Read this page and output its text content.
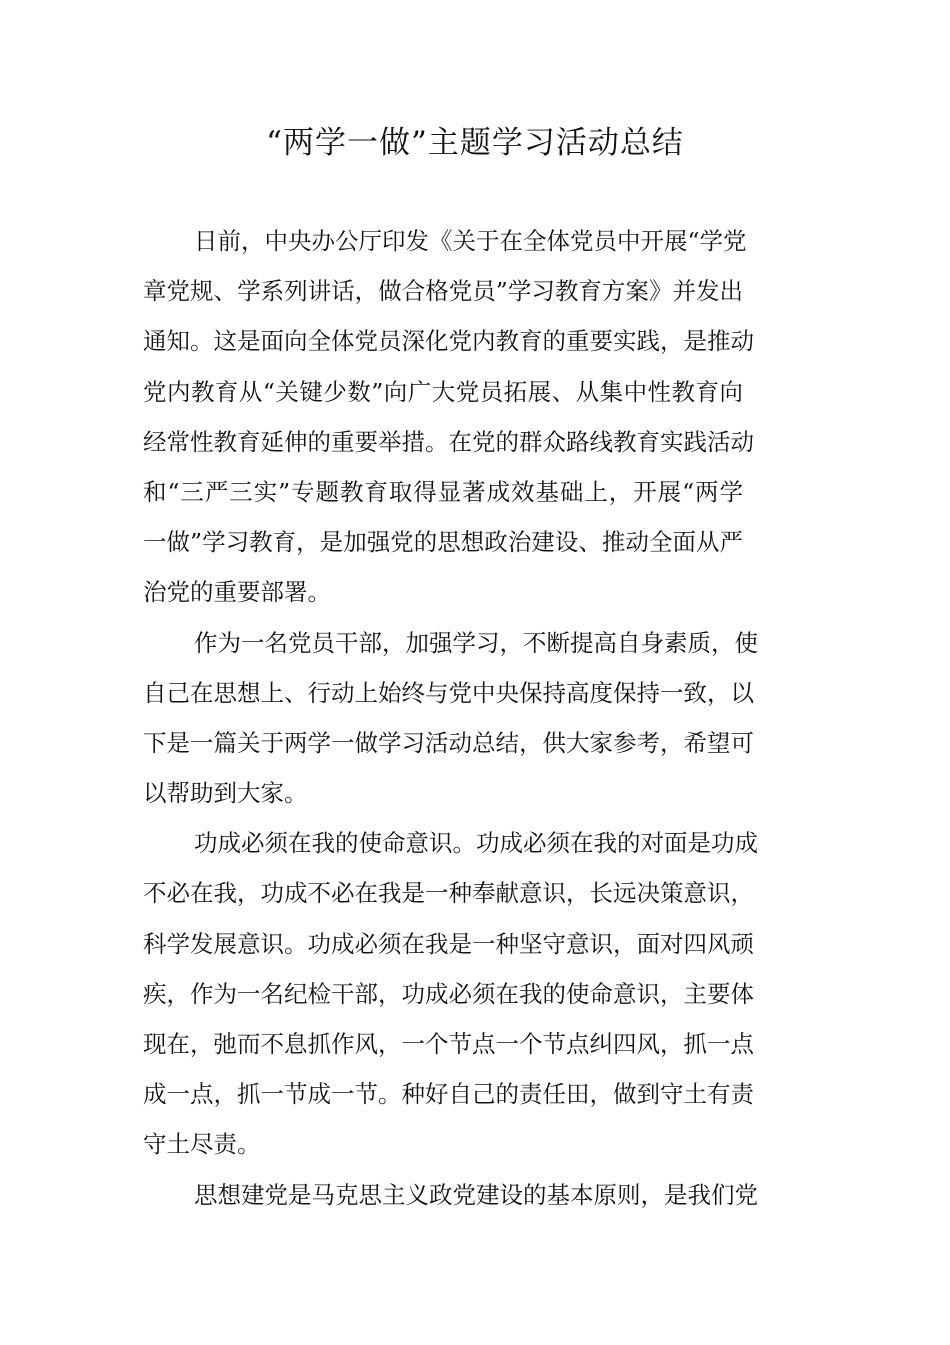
“两学一做”主题学习活动总结
日前，中央办公厅印发《关于在全体党员中开展“学党
章党规、学系列讲话，做合格党员”学习教育方案》并发出
通知。这是面向全体党员深化党内教育的重要实践，是推动
党内教育从“关键少数”向广大党员拓展、从集中性教育向
经常性教育延伸的重要举措。在党的群众路线教育实践活动
和“三严三实”专题教育取得显著成效基础上，开展“两学
一做”学习教育，是加强党的思想政治建设、推动全面从严
治党的重要部署。
作为一名党员干部，加强学习，不断提高自身素质，使
自己在思想上、行动上始终与党中央保持高度保持一致，以
下是一篇关于两学一做学习活动总结，供大家参考，希望可
以帮助到大家。
功成必须在我的使命意识。功成必须在我的对面是功成
不必在我，功成不必在我是一种奉献意识，长远决策意识，
科学发展意识。功成必须在我是一种坚守意识，面对四风顽
疾，作为一名纪检干部，功成必须在我的使命意识，主要体
现在，弛而不息抓作风，一个节点一个节点纠四风，抓一点
成一点，抓一节成一节。种好自己的责任田，做到守土有责
守土尽责。
思想建党是马克思主义政党建设的基本原则，是我们党
